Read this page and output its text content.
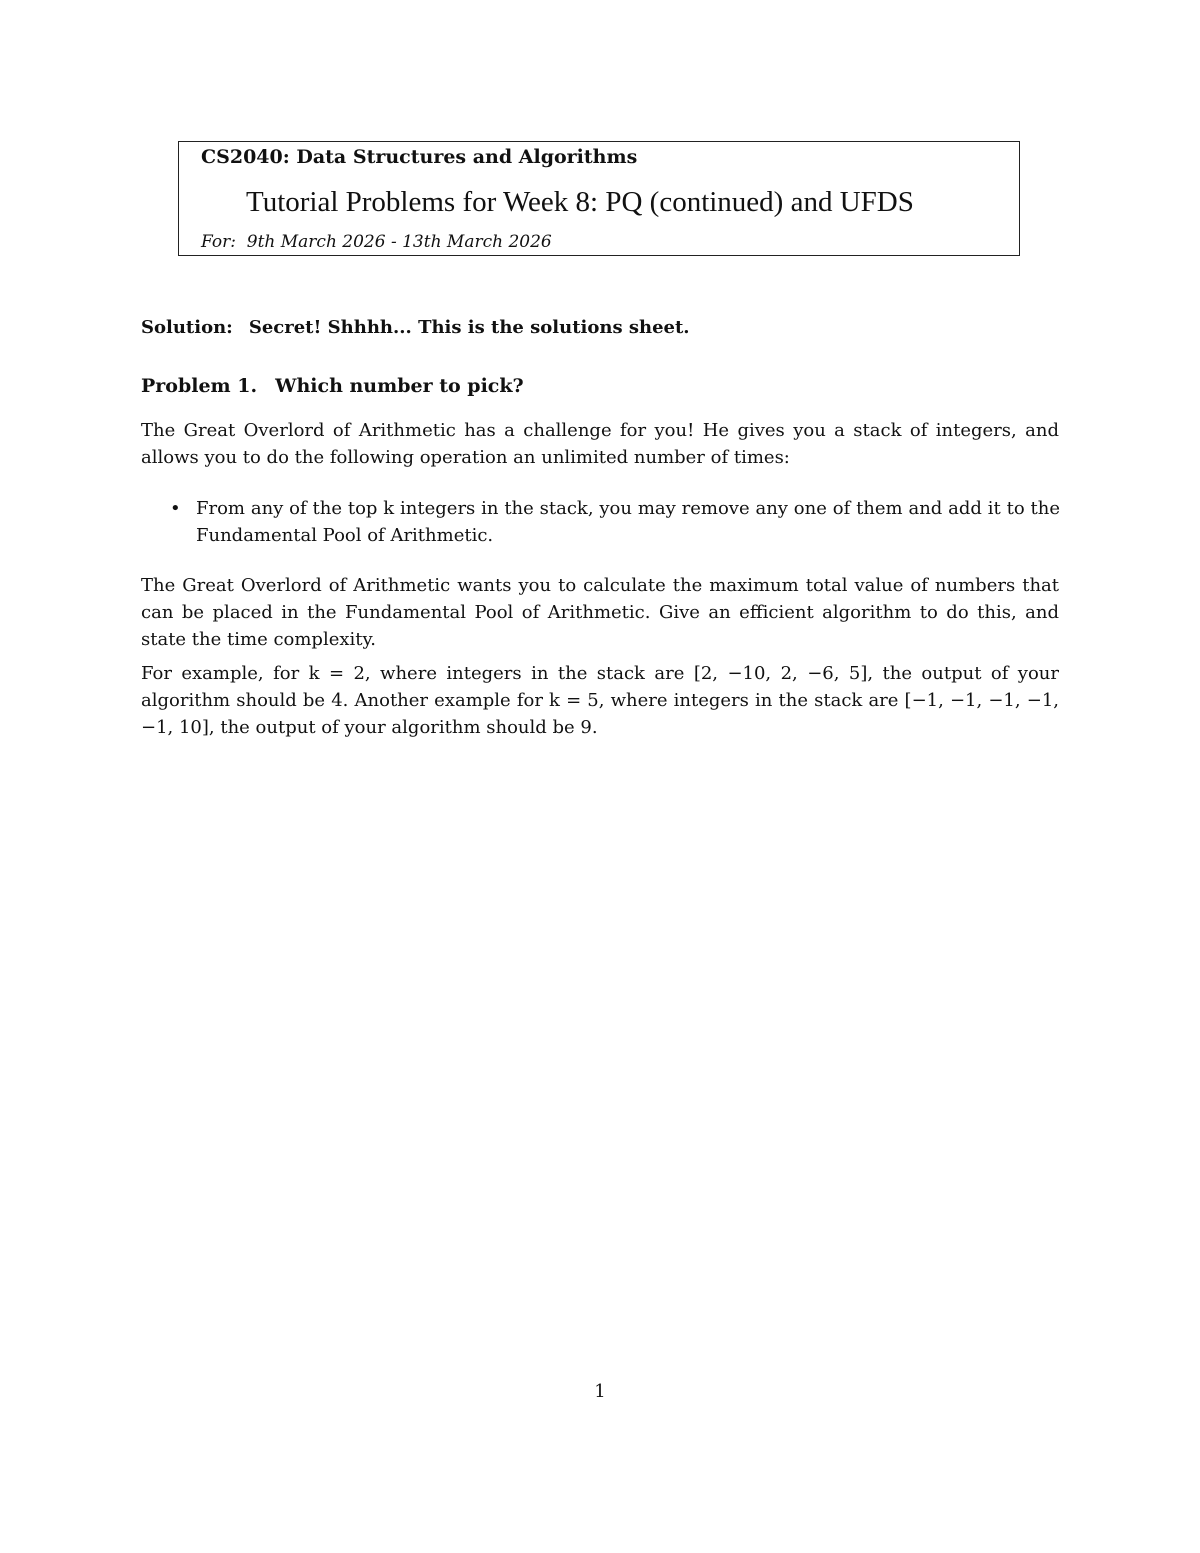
CS2040: Data Structures and Algorithms
Tutorial Problems for Week 8: PQ (continued) and UFDS
For:  9th March 2026 - 13th March 2026
Solution: Secret! Shhhh... This is the solutions sheet.
Problem 1. Which number to pick?
The Great Overlord of Arithmetic has a challenge for you! He gives you a stack of integers, and allows you to do the following operation an unlimited number of times:
• From any of the top k integers in the stack, you may remove any one of them and add it to the Fundamental Pool of Arithmetic.
The Great Overlord of Arithmetic wants you to calculate the maximum total value of numbers that can be placed in the Fundamental Pool of Arithmetic. Give an efficient algorithm to do this, and state the time complexity.
For example, for k = 2, where integers in the stack are [2, −10, 2, −6, 5], the output of your algorithm should be 4. Another example for k = 5, where integers in the stack are [−1, −1, −1, −1, −1, 10], the output of your algorithm should be 9.
1
